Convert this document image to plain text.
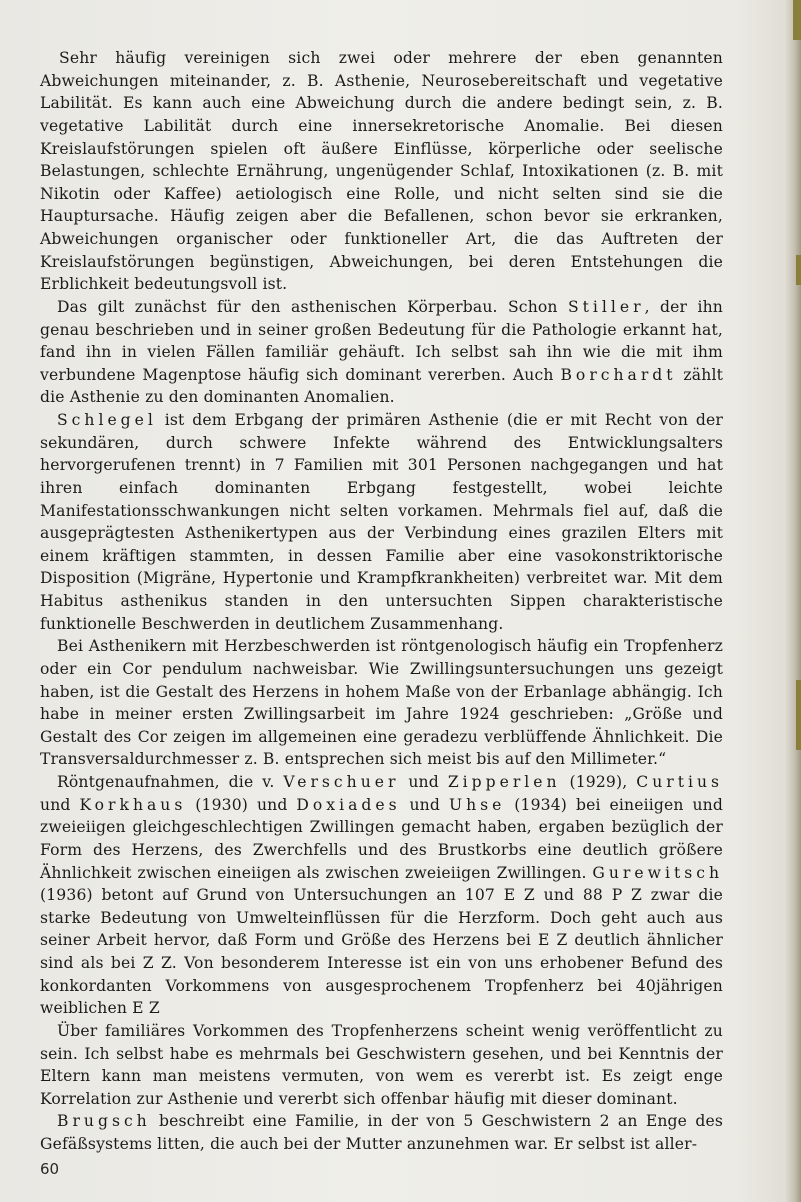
Sehr häufig vereinigen sich zwei oder mehrere der eben genannten Abweichungen miteinander, z. B. Asthenie, Neurosebereitschaft und vegetative Labilität. Es kann auch eine Abweichung durch die andere bedingt sein, z. B. vegetative Labilität durch eine innersekretorische Anomalie. Bei diesen Kreislaufstörungen spielen oft äußere Einflüsse, körperliche oder seelische Belastungen, schlechte Ernährung, ungenügender Schlaf, Intoxikationen (z. B. mit Nikotin oder Kaffee) aetiologisch eine Rolle, und nicht selten sind sie die Hauptursache. Häufig zeigen aber die Befallenen, schon bevor sie erkranken, Abweichungen organischer oder funktioneller Art, die das Auftreten der Kreislaufstörungen begünstigen, Abweichungen, bei deren Entstehungen die Erblichkeit bedeutungsvoll ist.

Das gilt zunächst für den asthenischen Körperbau. Schon Stiller, der ihn genau beschrieben und in seiner großen Bedeutung für die Pathologie erkannt hat, fand ihn in vielen Fällen familiär gehäuft. Ich selbst sah ihn wie die mit ihm verbundene Magenptose häufig sich dominant vererben. Auch Borchardt zählt die Asthenie zu den dominanten Anomalien.

Schlegel ist dem Erbgang der primären Asthenie (die er mit Recht von der sekundären, durch schwere Infekte während des Entwicklungsalters hervorgerufenen trennt) in 7 Familien mit 301 Personen nachgegangen und hat ihren einfach dominanten Erbgang festgestellt, wobei leichte Manifestationsschwankungen nicht selten vorkamen. Mehrmals fiel auf, daß die ausgeprägtesten Asthenikertypen aus der Verbindung eines grazilen Elters mit einem kräftigen stammten, in dessen Familie aber eine vasokonstriktorische Disposition (Migräne, Hypertonie und Krampfkrankheiten) verbreitet war. Mit dem Habitus asthenikus standen in den untersuchten Sippen charakteristische funktionelle Beschwerden in deutlichem Zusammenhang.

Bei Asthenikern mit Herzbeschwerden ist röntgenologisch häufig ein Tropfenherz oder ein Cor pendulum nachweisbar. Wie Zwillingsuntersuchungen uns gezeigt haben, ist die Gestalt des Herzens in hohem Maße von der Erbanlage abhängig. Ich habe in meiner ersten Zwillingsarbeit im Jahre 1924 geschrieben: „Größe und Gestalt des Cor zeigen im allgemeinen eine geradezu verblüffende Ähnlichkeit. Die Transversaldurchmesser z. B. entsprechen sich meist bis auf den Millimeter.“

Röntgenaufnahmen, die v. Verschuer und Zipperlen (1929), Curtius und Korkhaus (1930) und Doxiades und Uhse (1934) bei eineiigen und zweieiigen gleichgeschlechtigen Zwillingen gemacht haben, ergaben bezüglich der Form des Herzens, des Zwerchfells und des Brustkorbs eine deutlich größere Ähnlichkeit zwischen eineiigen als zwischen zweieiigen Zwillingen. Gurewitsch (1936) betont auf Grund von Untersuchungen an 107 E Z und 88 P Z zwar die starke Bedeutung von Umwelteinflüssen für die Herzform. Doch geht auch aus seiner Arbeit hervor, daß Form und Größe des Herzens bei E Z deutlich ähnlicher sind als bei Z Z. Von besonderem Interesse ist ein von uns erhobener Befund des konkordanten Vorkommens von ausgesprochenem Tropfenherz bei 40jährigen weiblichen E Z

Über familiäres Vorkommen des Tropfenherzens scheint wenig veröffentlicht zu sein. Ich selbst habe es mehrmals bei Geschwistern gesehen, und bei Kenntnis der Eltern kann man meistens vermuten, von wem es vererbt ist. Es zeigt enge Korrelation zur Asthenie und vererbt sich offenbar häufig mit dieser dominant.

Brugsch beschreibt eine Familie, in der von 5 Geschwistern 2 an Enge des Gefäßsystems litten, die auch bei der Mutter anzunehmen war. Er selbst ist aller-

60
